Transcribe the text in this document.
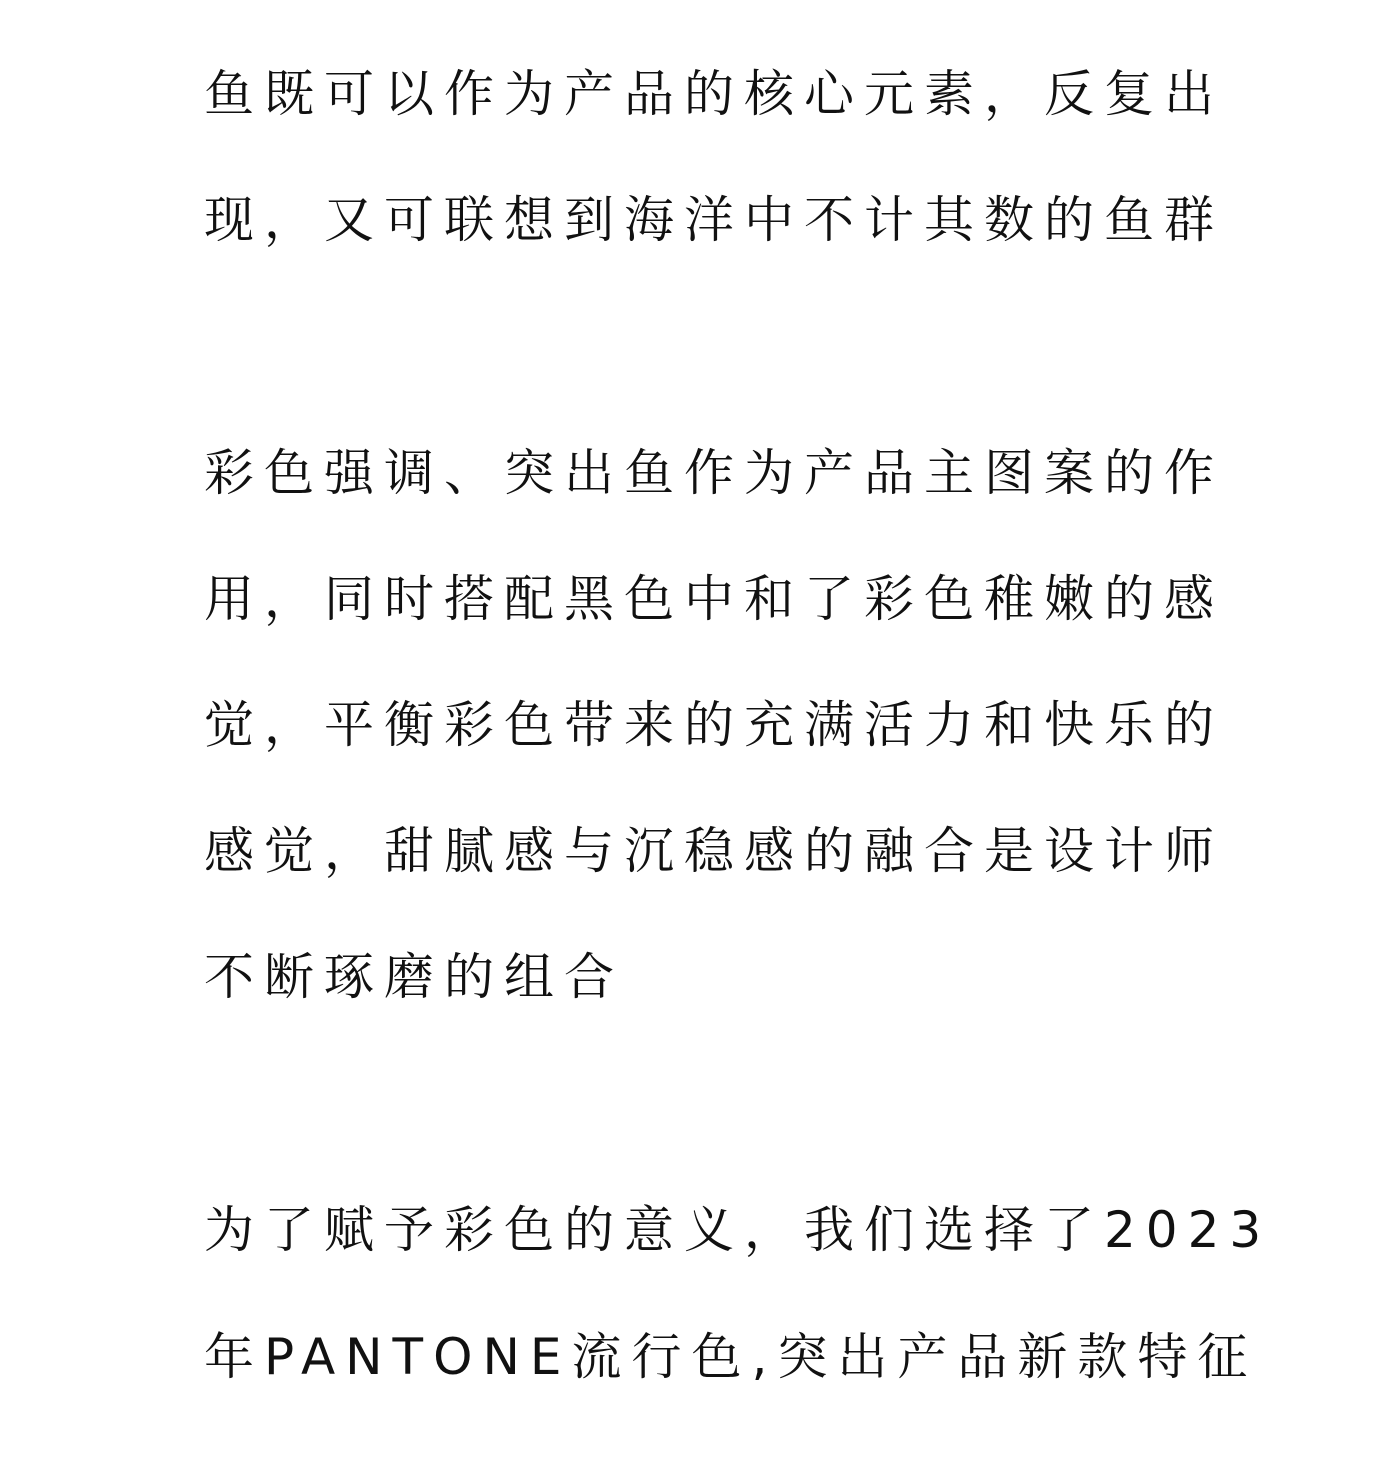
鱼既可以作为产品的核心元素，反复出

现，又可联想到海洋中不计其数的鱼群

彩色强调、突出鱼作为产品主图案的作

用，同时搭配黑色中和了彩色稚嫩的感

觉，平衡彩色带来的充满活力和快乐的

感觉，甜腻感与沉稳感的融合是设计师

不断琢磨的组合

为了赋予彩色的意义，我们选择了2023

年PANTONE流行色,突出产品新款特征
